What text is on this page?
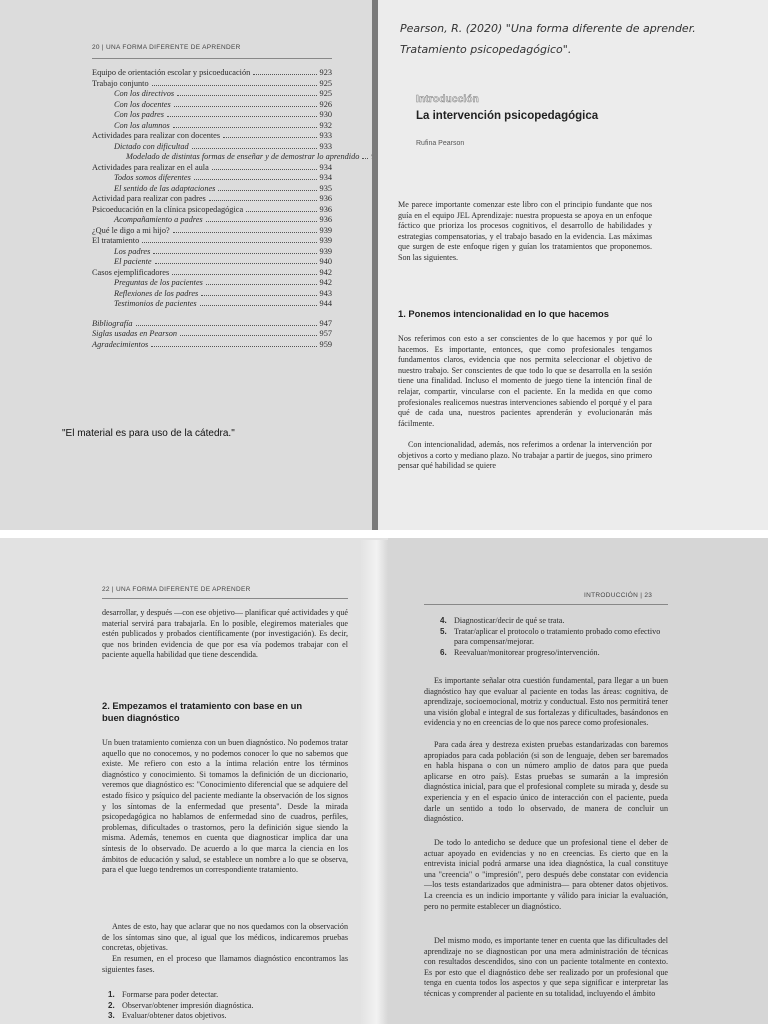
20 | UNA FORMA DIFERENTE DE APRENDER
Equipo de orientación escolar y psicoeducación	923
Trabajo conjunto	925
Con los directivos	925
Con los docentes	926
Con los padres	930
Con los alumnos	932
Actividades para realizar con docentes	933
Dictado con dificultad	933
Modelado de distintas formas de enseñar y de demostrar lo aprendido
Actividades para realizar en el aula	934
Todos somos diferentes	934
El sentido de las adaptaciones	935
Actividad para realizar con padres	936
Psicoeducación en la clínica psicopedagógica	936
Acompañamiento a padres	936
¿Qué le digo a mi hijo?	939
El tratamiento	939
Los padres	939
El paciente	940
Casos ejemplificadores	942
Preguntas de los pacientes	942
Reflexiones de los padres	943
Testimonios de pacientes	944
Bibliografía	947
Siglas usadas en Pearson	957
Agradecimientos	959
"El material es para uso de la cátedra."
Pearson, R. (2020) "Una forma diferente de aprender. Tratamiento psicopedagógico".
Introducción
La intervención psicopedagógica
Rufina Pearson

Me parece importante comenzar este libro con el principio fundante que nos guía en el equipo JEL Aprendizaje: nuestra propuesta se apoya en un enfoque fáctico que prioriza los procesos cognitivos, el desarrollo de habilidades y estrategias compensatorias, y el trabajo basado en la evidencia. Las máximas que surgen de este enfoque rigen y guían los tratamientos que proponemos. Son las siguientes.

1. Ponemos intencionalidad en lo que hacemos

Nos referimos con esto a ser conscientes de lo que hacemos y por qué lo hacemos. Es importante, entonces, que como profesionales tengamos fundamentos claros, evidencia que nos permita seleccionar el objetivo de nuestro trabajo. Ser conscientes de que todo lo que se desarrolla en la sesión tiene una finalidad. Incluso el momento de juego tiene la intención final de relajar, compartir, vincularse con el paciente. En la medida en que como profesionales realicemos nuestras intervenciones sabiendo el porqué y el para qué de cada una, nuestros pacientes aprenderán y evolucionarán más fácilmente.

Con intencionalidad, además, nos referimos a ordenar la intervención por objetivos a corto y mediano plazo. No trabajar a partir de juegos, sino primero pensar qué habilidad se quiere

22 | UNA FORMA DIFERENTE DE APRENDER

desarrollar, y después —con ese objetivo— planificar qué actividades y qué material servirá para trabajarla. En lo posible, elegiremos materiales que estén publicados y probados científicamente (por investigación). Es decir, que nos brinden evidencia de que por esa vía podemos trabajar con el paciente aquella habilidad que tiene descendida.

2. Empezamos el tratamiento con base en un buen diagnóstico

Un buen tratamiento comienza con un buen diagnóstico. No podemos tratar aquello que no conocemos, y no podemos conocer lo que no sabemos que existe. Me refiero con esto a la íntima relación entre los términos diagnóstico y conocimiento. Si tomamos la definición de un diccionario, veremos que diagnóstico es: "Conocimiento diferencial que se adquiere del estado físico y psíquico del paciente mediante la observación de los signos y los síntomas de la enfermedad que presenta". Desde la mirada psicopedagógica no hablamos de enfermedad sino de cuadros, perfiles, problemas, dificultades o trastornos, pero la definición sigue siendo la misma. Además, tenemos en cuenta que diagnosticar implica dar una síntesis de lo observado. De acuerdo a lo que marca la ciencia en los ámbitos de educación y salud, se establece un nombre a lo que se observa, para el que luego tendremos un correspondiente tratamiento.

Antes de esto, hay que aclarar que no nos quedamos con la observación de los síntomas sino que, al igual que los médicos, indicaremos pruebas concretas, objetivas.

En resumen, en el proceso que llamamos diagnóstico encontramos las siguientes fases.

1. Formarse para poder detectar.
2. Observar/obtener impresión diagnóstica.
3. Evaluar/obtener datos objetivos.
INTRODUCCIÓN | 23
4. Diagnosticar/decir de qué se trata.
5. Tratar/aplicar el protocolo o tratamiento probado como efectivo para compensar/mejorar.
6. Reevaluar/monitorear progreso/intervención.

Es importante señalar otra cuestión fundamental, para llegar a un buen diagnóstico hay que evaluar al paciente en todas las áreas: cognitiva, de aprendizaje, socioemocional, motriz y conductual. Esto nos permitirá tener una visión global e integral de sus fortalezas y dificultades, basándonos en evidencia y no en creencias de lo que nos parece como profesionales.

Para cada área y destreza existen pruebas estandarizadas con baremos apropiados para cada población (si son de lenguaje, deben ser baremados en habla hispana o con un número amplio de datos para que pueda aplicarse en otro país). Estas pruebas se sumarán a la impresión diagnóstica inicial, para que el profesional complete su mirada y, desde su experiencia y en el espacio único de interacción con el paciente, pueda darle un sentido a todo lo observado, de manera de concluir un diagnóstico.

De todo lo antedicho se deduce que un profesional tiene el deber de actuar apoyado en evidencias y no en creencias. Es cierto que en la entrevista inicial podrá armarse una idea diagnóstica, la cual constituye una "creencia" o "impresión", pero después debe constatar con evidencia —los tests estandarizados que administra— para obtener datos objetivos. La creencia es un indicio importante y válido para iniciar la evaluación, pero no permite establecer un diagnóstico.

Del mismo modo, es importante tener en cuenta que las dificultades del aprendizaje no se diagnostican por una mera administración de técnicas con resultados descendidos, sino con un paciente totalmente en contexto. Es por esto que el diagnóstico debe ser realizado por un profesional que tenga en cuenta todos los aspectos y que sepa significar e interpretar las técnicas y comprender al paciente en su totalidad, incluyendo el ámbito
